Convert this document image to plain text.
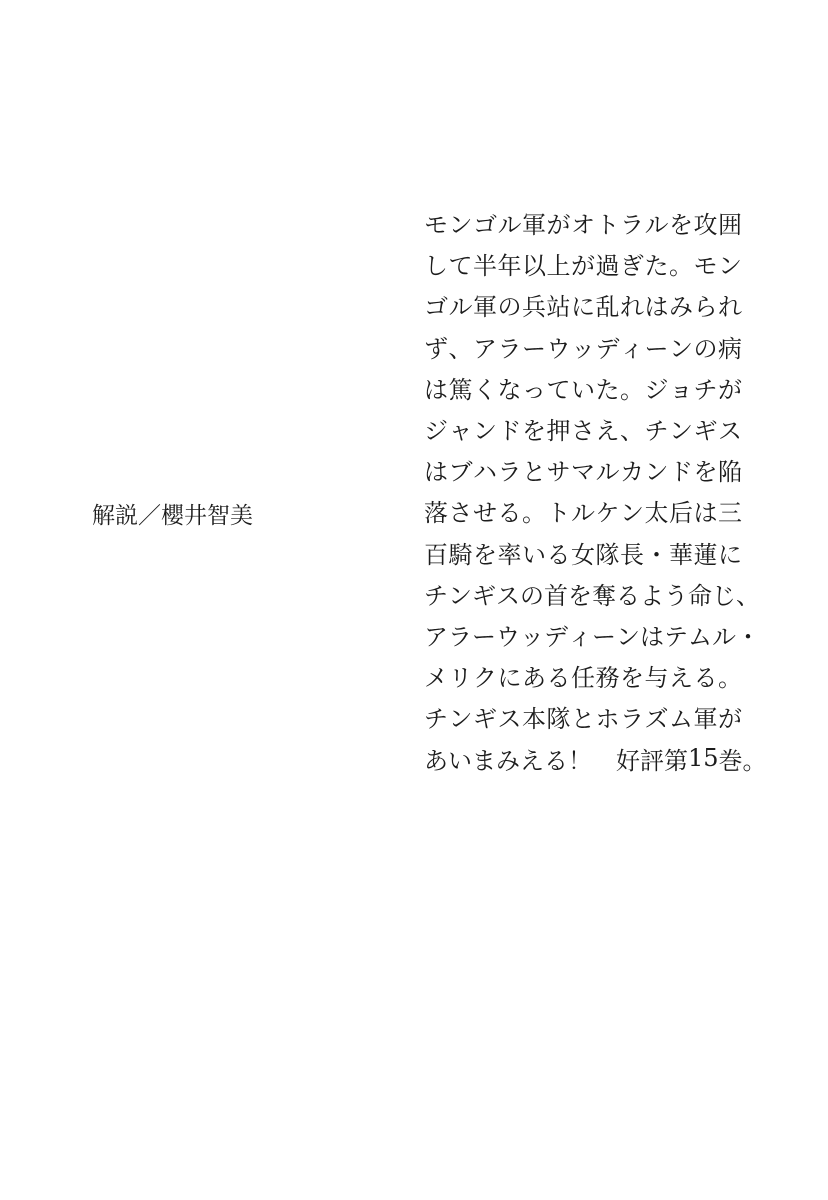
解説／櫻井智美
モ ン ゴ ル 軍 が オ ト ラ ル を 攻 囲
し て 半 年 以 上 が 過 ぎ た 。 モ ン
ゴ ル 軍 の 兵 站 に 乱 れ は み ら れ
ず 、 ア ラ ー ウ ッ デ ィ ー ン の 病
は 篤 く な っ て い た 。 ジ ョ チ が
ジ ャ ン ド を 押 さ え 、 チ ン ギ ス
は ブ ハ ラ と サ マ ル カ ン ド を 陥
落 さ せ る 。 ト ル ケ ン 太 后 は 三
百 騎 を 率 い る 女 隊 長 ・ 華 蓮 に
チ ン ギ ス の 首 を 奪 る よ う 命 じ 、
ア ラ ー ウ ッ デ ィ ー ン は テ ム ル ・
メ リ ク に あ る 任 務 を 与 え る 。
チ ン ギ ス 本 隊 と ホ ラ ズ ム 軍 が
あ い ま み え る ！
　 好 評 第 15 巻 。
